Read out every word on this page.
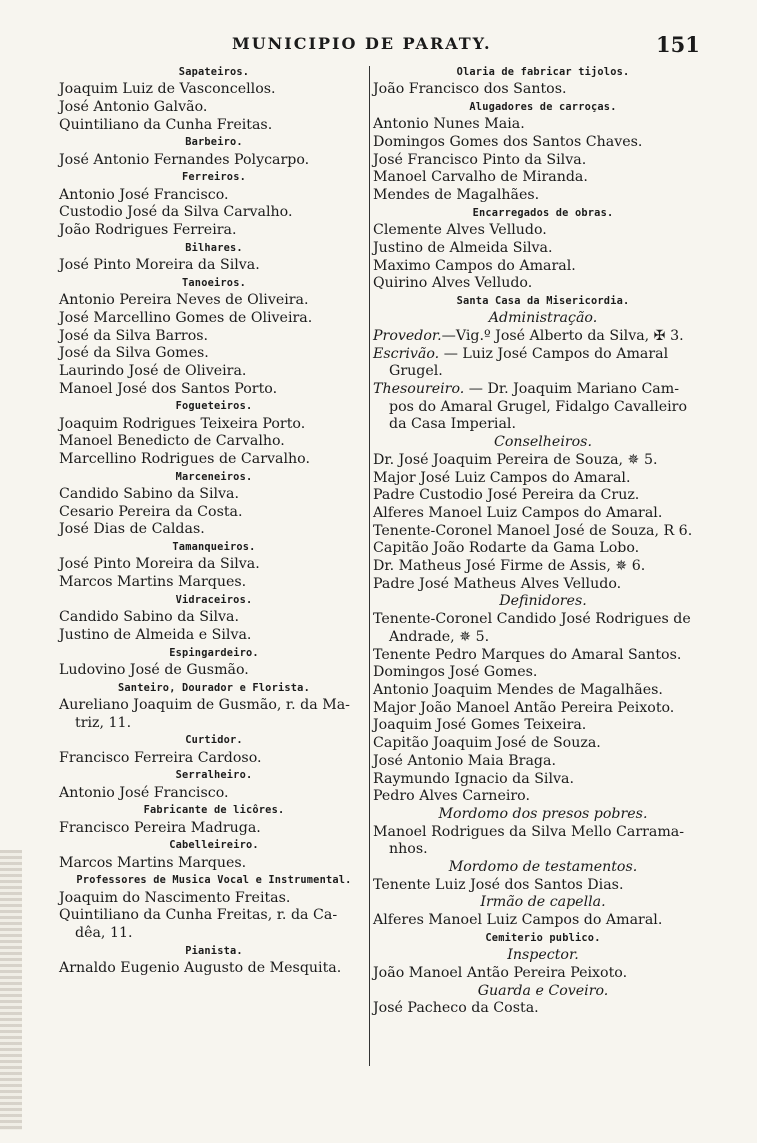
MUNICIPIO DE PARATY.	151
Sapateiros.
Joaquim Luiz de Vasconcellos.
José Antonio Galvão.
Quintiliano da Cunha Freitas.
Barbeiro.
José Antonio Fernandes Polycarpo.
Ferreiros.
Antonio José Francisco.
Custodio José da Silva Carvalho.
João Rodrigues Ferreira.
Bilhares.
José Pinto Moreira da Silva.
Tanoeiros.
Antonio Pereira Neves de Oliveira.
José Marcellino Gomes de Oliveira.
José da Silva Barros.
José da Silva Gomes.
Laurindo José de Oliveira.
Manoel José dos Santos Porto.
Fogueteiros.
Joaquim Rodrigues Teixeira Porto.
Manoel Benedicto de Carvalho.
Marcellino Rodrigues de Carvalho.
Marceneiros.
Candido Sabino da Silva.
Cesario Pereira da Costa.
José Dias de Caldas.
Tamanqueiros.
José Pinto Moreira da Silva.
Marcos Martins Marques.
Vidraceiros.
Candido Sabino da Silva.
Justino de Almeida e Silva.
Espingardeiro.
Ludovino José de Gusmão.
Santeiro, Dourador e Florista.
Aureliano Joaquim de Gusmão, r. da Ma-
triz, 11.
Curtidor.
Francisco Ferreira Cardoso.
Serralheiro.
Antonio José Francisco.
Fabricante de licôres.
Francisco Pereira Madruga.
Cabelleireiro.
Marcos Martins Marques.
Professores de Musica Vocal e Instrumental.
Joaquim do Nascimento Freitas.
Quintiliano da Cunha Freitas, r. da Ca-
dêa, 11.
Pianista.
Arnaldo Eugenio Augusto de Mesquita.
Olaria de fabricar tijolos.
João Francisco dos Santos.
Alugadores de carroças.
Antonio Nunes Maia.
Domingos Gomes dos Santos Chaves.
José Francisco Pinto da Silva.
Manoel Carvalho de Miranda.
Mendes de Magalhães.
Encarregados de obras.
Clemente Alves Velludo.
Justino de Almeida Silva.
Maximo Campos do Amaral.
Quirino Alves Velludo.
Santa Casa da Misericordia.
Administração.
Provedor.—Vig.º José Alberto da Silva, ✠ 3.
Escrivão. — Luiz José Campos do Amaral
Grugel.
Thesoureiro. — Dr. Joaquim Mariano Cam-
pos do Amaral Grugel, Fidalgo Cavalleiro
da Casa Imperial.
Conselheiros.
Dr. José Joaquim Pereira de Souza, ✵ 5.
Major José Luiz Campos do Amaral.
Padre Custodio José Pereira da Cruz.
Alferes Manoel Luiz Campos do Amaral.
Tenente-Coronel Manoel José de Souza, R 6.
Capitão João Rodarte da Gama Lobo.
Dr. Matheus José Firme de Assis, ✵ 6.
Padre José Matheus Alves Velludo.
Definidores.
Tenente-Coronel Candido José Rodrigues de
Andrade, ✵ 5.
Tenente Pedro Marques do Amaral Santos.
Domingos José Gomes.
Antonio Joaquim Mendes de Magalhães.
Major João Manoel Antão Pereira Peixoto.
Joaquim José Gomes Teixeira.
Capitão Joaquim José de Souza.
José Antonio Maia Braga.
Raymundo Ignacio da Silva.
Pedro Alves Carneiro.
Mordomo dos presos pobres.
Manoel Rodrigues da Silva Mello Carrama-
nhos.
Mordomo de testamentos.
Tenente Luiz José dos Santos Dias.
Irmão de capella.
Alferes Manoel Luiz Campos do Amaral.
Cemiterio publico.
Inspector.
João Manoel Antão Pereira Peixoto.
Guarda e Coveiro.
José Pacheco da Costa.
